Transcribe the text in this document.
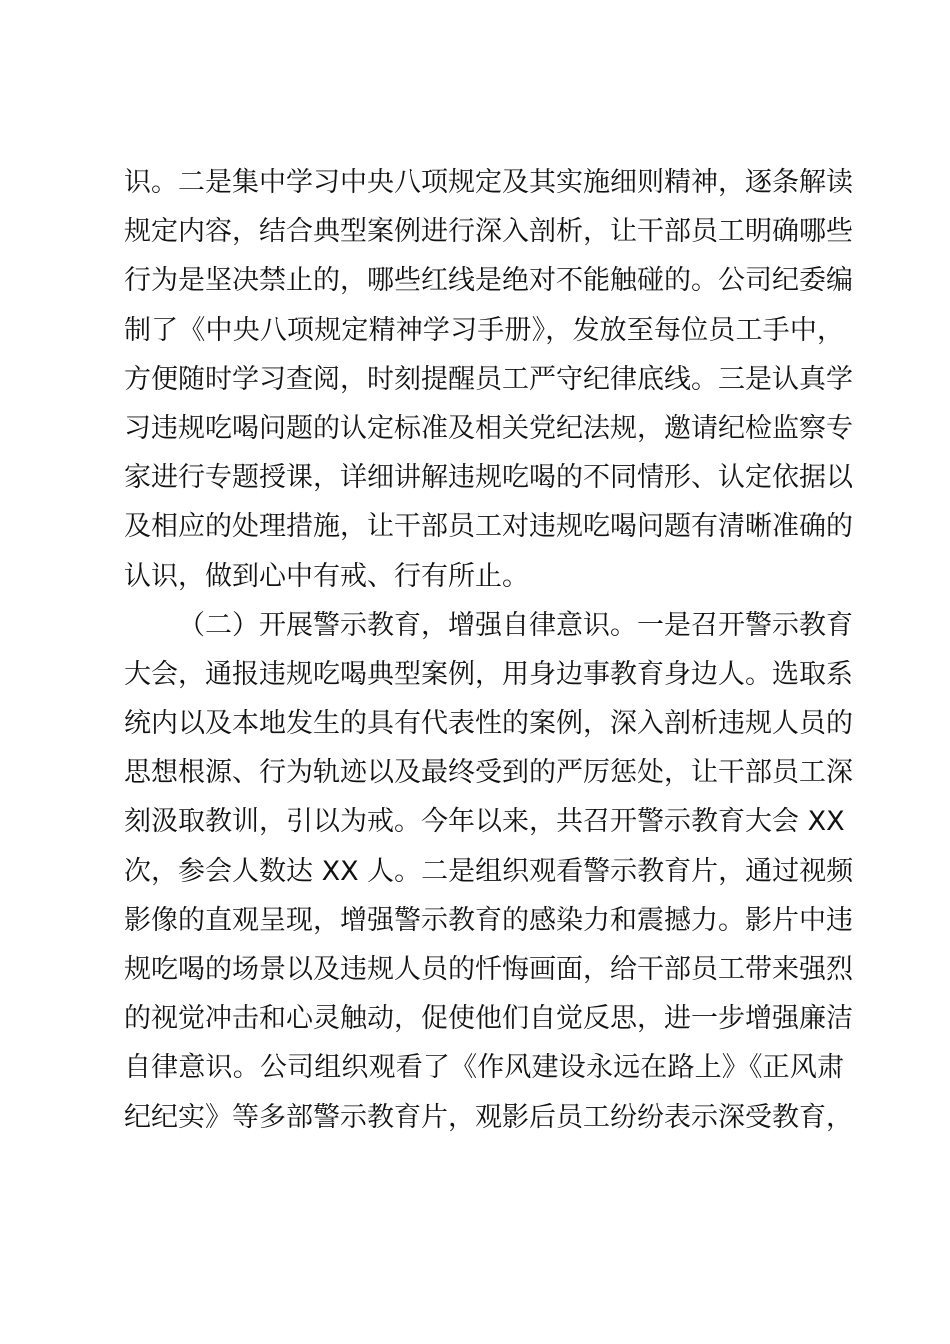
识。二是集中学习中央八项规定及其实施细则精神，逐条解读
规定内容，结合典型案例进行深入剖析，让干部员工明确哪些
行为是坚决禁止的，哪些红线是绝对不能触碰的。公司纪委编
制了《中央八项规定精神学习手册》，发放至每位员工手中，
方便随时学习查阅，时刻提醒员工严守纪律底线。三是认真学
习违规吃喝问题的认定标准及相关党纪法规，邀请纪检监察专
家进行专题授课，详细讲解违规吃喝的不同情形、认定依据以
及相应的处理措施，让干部员工对违规吃喝问题有清晰准确的
认识，做到心中有戒、行有所止。
（二）开展警示教育，增强自律意识。一是召开警示教育
大会，通报违规吃喝典型案例，用身边事教育身边人。选取系
统内以及本地发生的具有代表性的案例，深入剖析违规人员的
思想根源、行为轨迹以及最终受到的严厉惩处，让干部员工深
刻汲取教训，引以为戒。今年以来，共召开警示教育大会 XX
次，参会人数达 XX 人。二是组织观看警示教育片，通过视频
影像的直观呈现，增强警示教育的感染力和震撼力。影片中违
规吃喝的场景以及违规人员的忏悔画面，给干部员工带来强烈
的视觉冲击和心灵触动，促使他们自觉反思，进一步增强廉洁
自律意识。公司组织观看了《作风建设永远在路上》《正风肃
纪纪实》等多部警示教育片，观影后员工纷纷表示深受教育，
